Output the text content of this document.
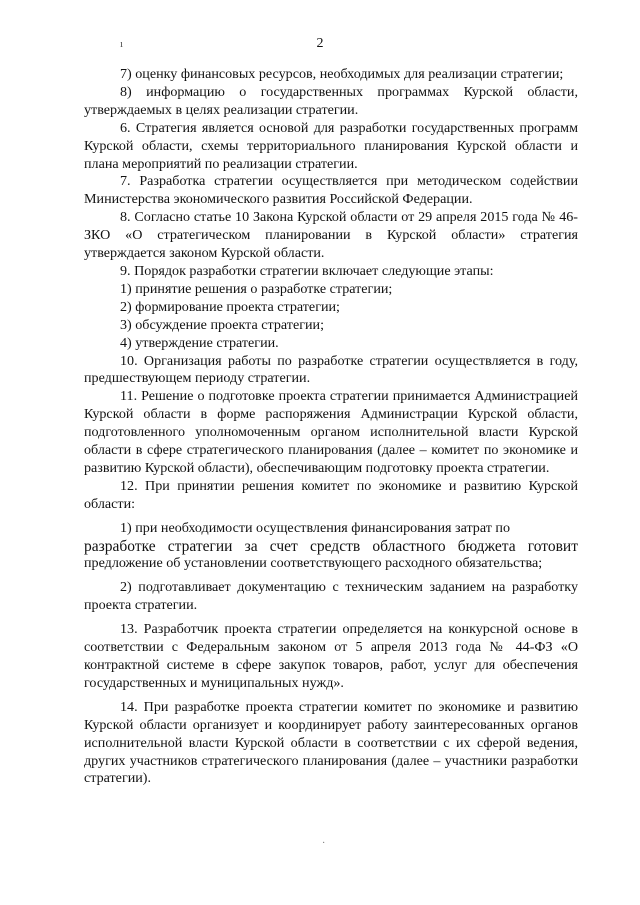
2
ı

7) оценку финансовых ресурсов, необходимых для реализации стратегии;

8) информацию о государственных программах Курской области, утверждаемых в целях реализации стратегии.

6. Стратегия является основой для разработки государственных программ Курской области, схемы территориального планирования Курской области и плана мероприятий по реализации стратегии.

7. Разработка стратегии осуществляется при методическом содействии Министерства экономического развития Российской Федерации.

8. Согласно статье 10 Закона Курской области от 29 апреля 2015 года № 46-ЗКО «О стратегическом планировании в Курской области» стратегия утверждается законом Курской области.

9. Порядок разработки стратегии включает следующие этапы:

1) принятие решения о разработке стратегии;

2) формирование проекта стратегии;

3) обсуждение проекта стратегии;

4) утверждение стратегии.

10. Организация работы по разработке стратегии осуществляется в году, предшествующем периоду стратегии.

11. Решение о подготовке проекта стратегии принимается Администрацией Курской области в форме распоряжения Администрации Курской области, подготовленного уполномоченным органом исполнительной власти Курской области в сфере стратегического планирования (далее – комитет по экономике и развитию Курской области), обеспечивающим подготовку проекта стратегии.

12. При принятии решения комитет по экономике и развитию Курской области:

1) при необходимости осуществления финансирования затрат по

разработке стратегии за счет средств областного бюджета готовит

предложение об установлении соответствующего расходного обязательства;

2) подготавливает документацию с техническим заданием на разработку проекта стратегии.

13. Разработчик проекта стратегии определяется на конкурсной основе в соответствии с Федеральным законом от 5 апреля 2013 года № 44-ФЗ «О контрактной системе в сфере закупок товаров, работ, услуг для обеспечения государственных и муниципальных нужд».

14. При разработке проекта стратегии комитет по экономике и развитию Курской области организует и координирует работу заинтересованных органов исполнительной власти Курской области в соответствии с их сферой ведения, других участников стратегического планирования (далее – участники разработки стратегии).

·
